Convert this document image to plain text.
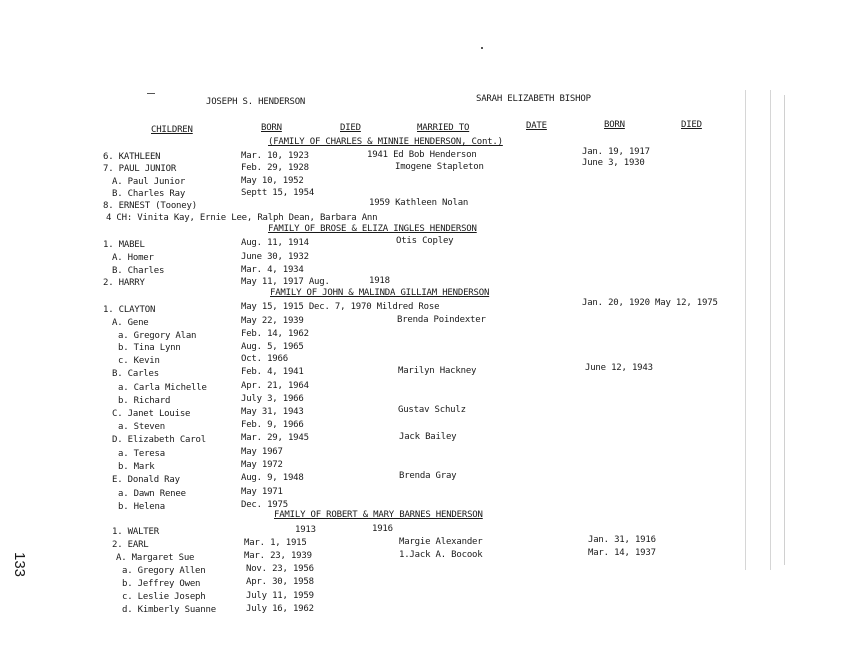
JOSEPH S. HENDERSON	SARAH ELIZABETH BISHOP
CHILDREN	BORN	DIED	MARRIED TO	DATE	BORN	DIED
(FAMILY OF CHARLES & MINNIE HENDERSON, Cont.)
6. KATHLEEN	Mar. 10, 1923	1941 Ed Bob Henderson	Jan. 19, 1917
7. PAUL JUNIOR	Feb. 29, 1928	Imogene Stapleton	June 3, 1930
A. Paul Junior	May 10, 1952
B. Charles Ray	Septt 15, 1954
8. ERNEST (Tooney)	1959 Kathleen Nolan
4 CH: Vinita Kay, Ernie Lee, Ralph Dean, Barbara Ann
FAMILY OF BROSE & ELIZA INGLES HENDERSON
1. MABEL	Aug. 11, 1914	Otis Copley
A. Homer	June 30, 1932
B. Charles	Mar. 4, 1934
2. HARRY	May 11, 1917 Aug.	1918
FAMILY OF JOHN & MALINDA GILLIAM HENDERSON
1. CLAYTON	May 15, 1915 Dec. 7, 1970 Mildred Rose	Jan. 20, 1920 May 12, 1975
A. Gene	May 22, 1939	Brenda Poindexter
a. Gregory Alan	Feb. 14, 1962
b. Tina Lynn	Aug. 5, 1965
c. Kevin	Oct. 1966
B. Carles	Feb. 4, 1941	Marilyn Hackney	June 12, 1943
a. Carla Michelle	Apr. 21, 1964
b. Richard	July 3, 1966
C. Janet Louise	May 31, 1943	Gustav Schulz
a. Steven	Feb. 9, 1966
D. Elizabeth Carol	Mar. 29, 1945	Jack Bailey
a. Teresa	May 1967
b. Mark	May 1972
E. Donald Ray	Aug. 9, 1948	Brenda Gray
a. Dawn Renee	May 1971
b. Helena	Dec. 1975
FAMILY OF ROBERT & MARY BARNES HENDERSON
1. WALTER	1913	1916
2. EARL	Mar. 1, 1915	Margie Alexander	Jan. 31, 1916
A. Margaret Sue	Mar. 23, 1939	1.Jack A. Bocook	Mar. 14, 1937
a. Gregory Allen	Nov. 23, 1956
b. Jeffrey Owen	Apr. 30, 1958
c. Leslie Joseph	July 11, 1959
d. Kimberly Suanne	July 16, 1962
133
